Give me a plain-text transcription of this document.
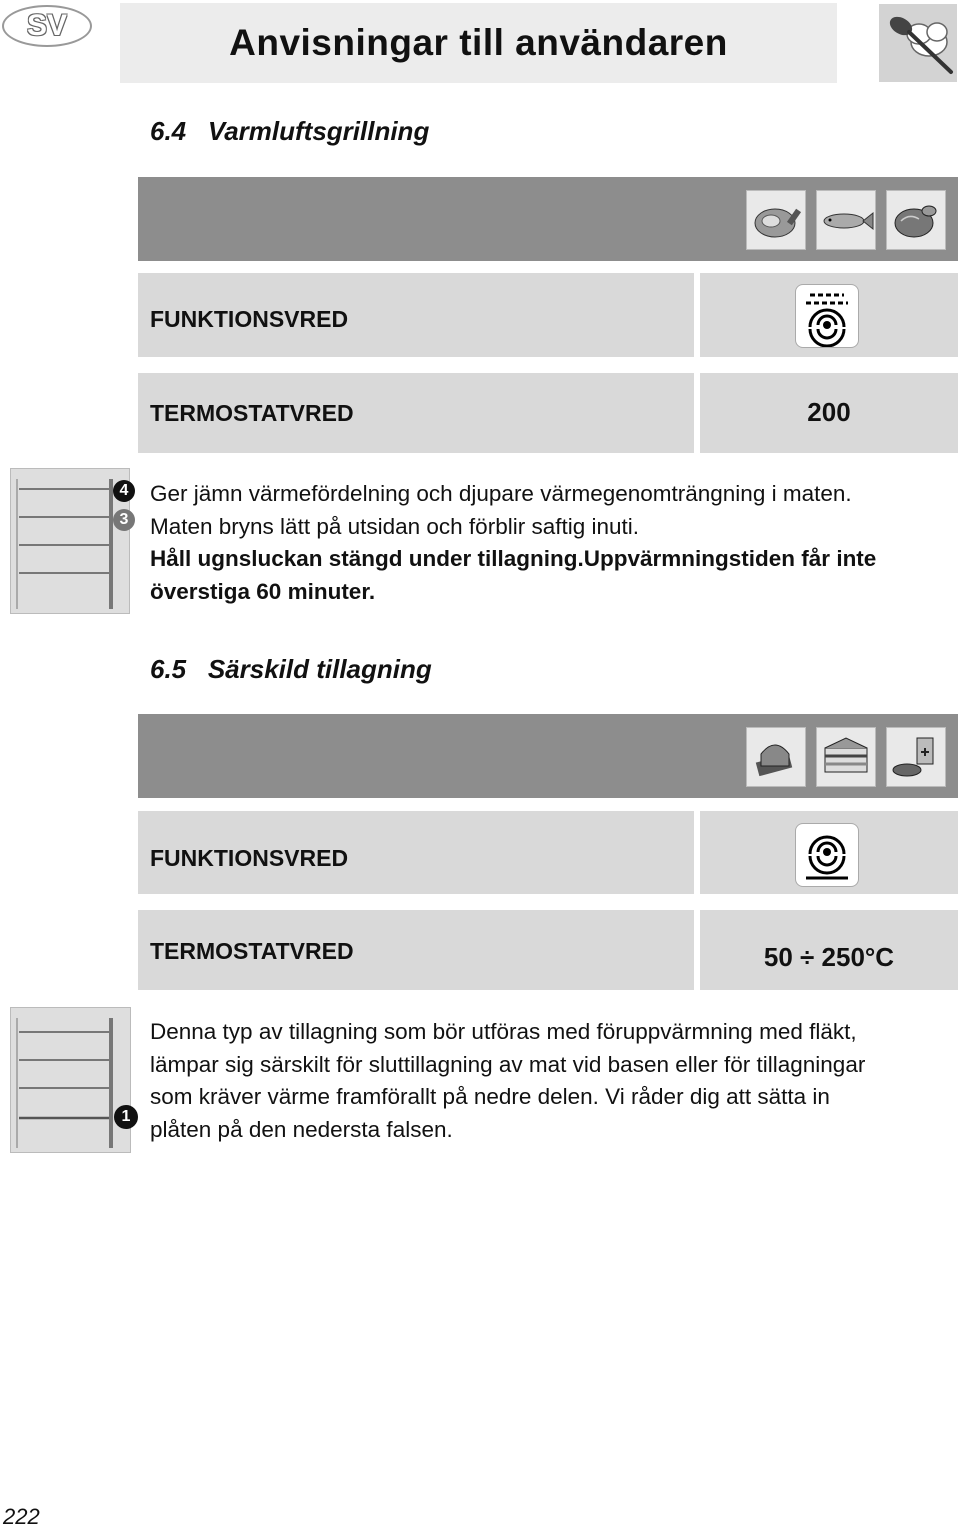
SV	Anvisningar till användaren
6.4 Varmluftsgrillning
FUNKTIONSVRED
TERMOSTATVRED	200
4
3

Ger jämn värmefördelning och djupare värmegenomträngning i maten.

Maten bryns lätt på utsidan och förblir saftig inuti.

Håll ugnsluckan stängd under tillagning.Uppvärmningstiden får inte

överstiga 60 minuter.

6.5 Särskild tillagning
FUNKTIONSVRED
TERMOSTATVRED	50 ÷ 250°C
1

Denna typ av tillagning som bör utföras med föruppvärmning med fläkt,

lämpar sig särskilt för sluttillagning av mat vid basen eller för tillagningar

som kräver värme framförallt på nedre delen. Vi råder dig att sätta in

plåten på den nedersta falsen.

222
